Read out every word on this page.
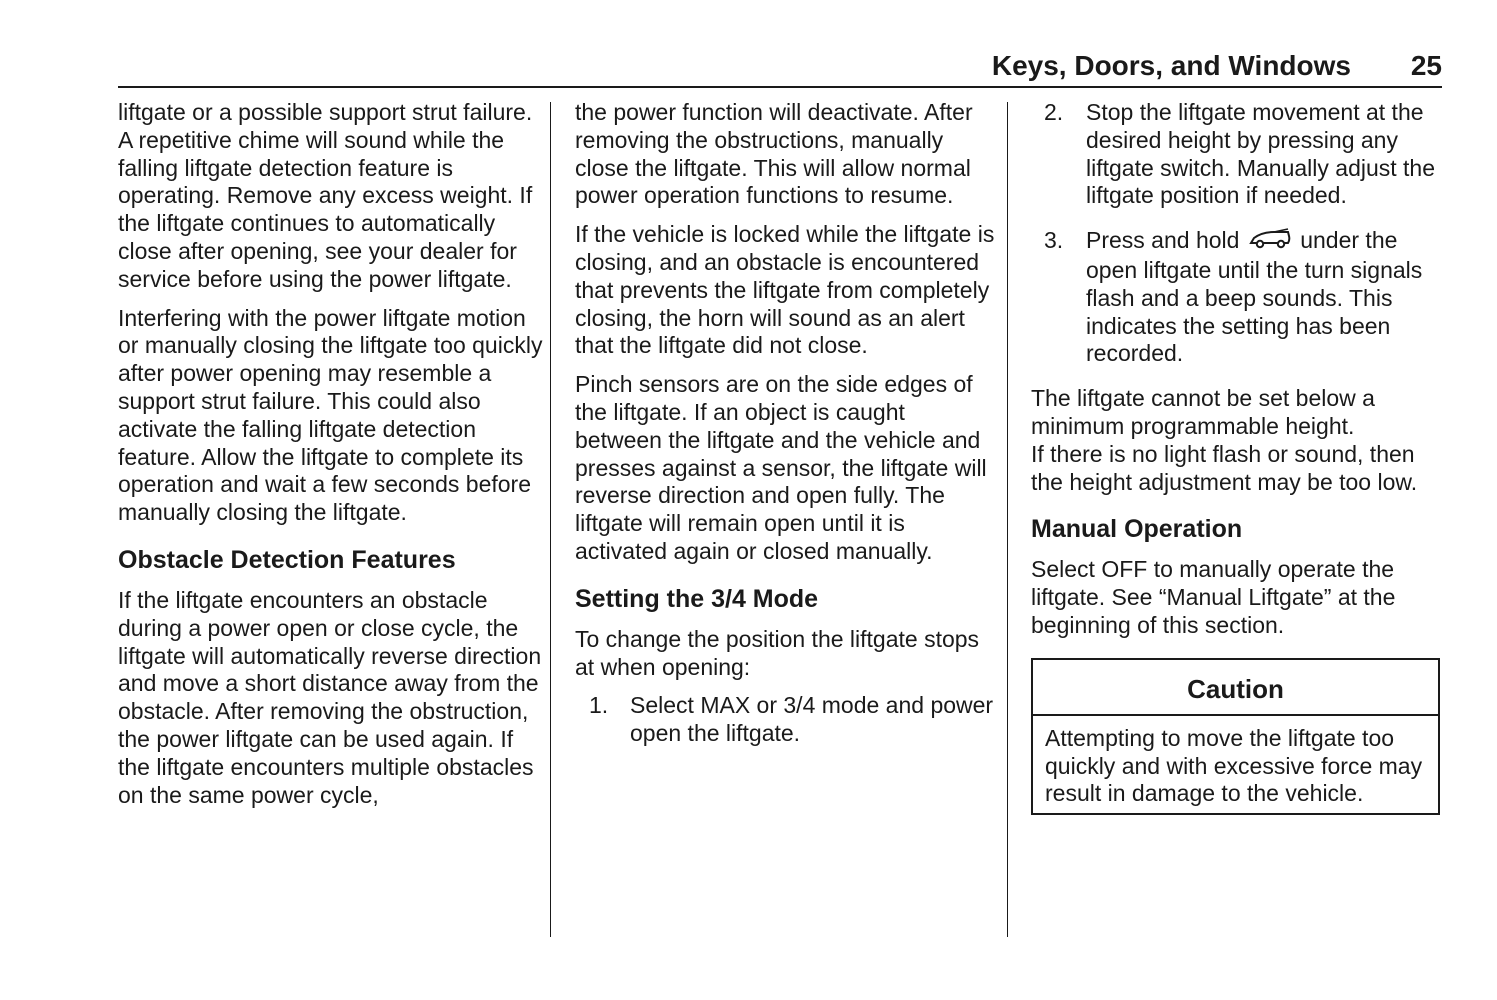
Keys, Doors, and Windows 25

liftgate or a possible support strut failure. A repetitive chime will sound while the falling liftgate detection feature is operating. Remove any excess weight. If the liftgate continues to automatically close after opening, see your dealer for service before using the power liftgate.

Interfering with the power liftgate motion or manually closing the liftgate too quickly after power opening may resemble a support strut failure. This could also activate the falling liftgate detection feature. Allow the liftgate to complete its operation and wait a few seconds before manually closing the liftgate.

Obstacle Detection Features

If the liftgate encounters an obstacle during a power open or close cycle, the liftgate will automatically reverse direction and move a short distance away from the obstacle. After removing the obstruction, the power liftgate can be used again. If the liftgate encounters multiple obstacles on the same power cycle,

the power function will deactivate. After removing the obstructions, manually close the liftgate. This will allow normal power operation functions to resume.

If the vehicle is locked while the liftgate is closing, and an obstacle is encountered that prevents the liftgate from completely closing, the horn will sound as an alert that the liftgate did not close.

Pinch sensors are on the side edges of the liftgate. If an object is caught between the liftgate and the vehicle and presses against a sensor, the liftgate will reverse direction and open fully. The liftgate will remain open until it is activated again or closed manually.

Setting the 3/4 Mode

To change the position the liftgate stops at when opening:

1. Select MAX or 3/4 mode and power open the liftgate.
2. Stop the liftgate movement at the desired height by pressing any liftgate switch. Manually adjust the liftgate position if needed.
3. Press and hold	under the open liftgate until the turn signals flash and a beep sounds. This indicates the setting has been recorded.

The liftgate cannot be set below a minimum programmable height.
If there is no light flash or sound, then the height adjustment may be too low.

Manual Operation

Select OFF to manually operate the liftgate. See “Manual Liftgate” at the beginning of this section.

Caution
Attempting to move the liftgate too quickly and with excessive force may result in damage to the vehicle.
